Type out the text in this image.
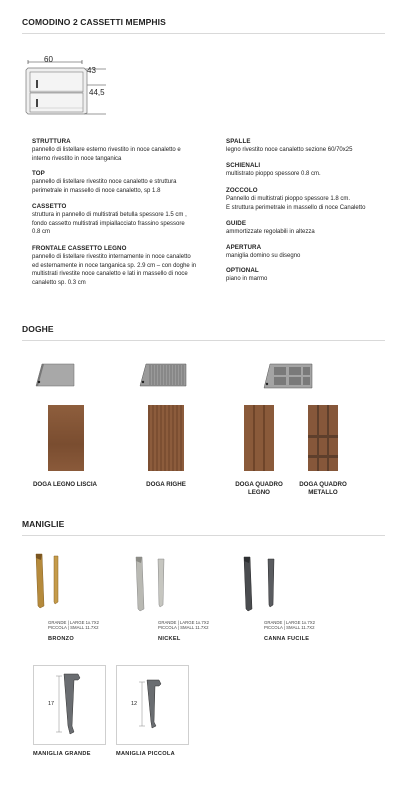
COMODINO 2 CASSETTI MEMPHIS
60
43
44,5
STRUTTURA
pannello di listellare esterno rivestito in noce canaletto e
interno rivestito in noce tanganica
TOP
pannello di listellare rivestito noce canaletto e struttura
perimetrale in massello di noce canaletto, sp 1.8
CASSETTO
struttura in pannello di multistrati betulla spessore 1.5 cm ,
fondo cassetto multistrati impiallacciato frassino spessore
0.8 cm
FRONTALE CASSETTO LEGNO
pannello di listellare rivestito internamente in noce canaletto
ed esternamente in noce tanganica sp. 2.9 cm – con doghe in
multistrati rivestite noce canaletto e lati in massello di noce
canaletto sp. 0.3 cm
SPALLE
legno rivestito noce canaletto sezione 60/70x25
SCHIENALI
multistrato pioppo spessore 0.8 cm.
ZOCCOLO
Pannello di multistrati pioppo spessore 1.8 cm.
E struttura perimetrale in massello di noce Canaletto
GUIDE
ammortizzate regolabili in altezza
APERTURA
maniglia domino su disegno
OPTIONAL
piano in marmo
DOGHE
DOGA LEGNO LISCIA	DOGA RIGHE	DOGA QUADRO
LEGNO
DOGA QUADRO
METALLO
MANIGLIE
GRANDE | LARGE 1x.7X2
PICCOLA | SMALL 11.7X2
GRANDE | LARGE 1x.7X2
PICCOLA | SMALL 11.7X2
GRANDE | LARGE 1x.7X2
PICCOLA | SMALL 11.7X2
BRONZO	NICKEL	CANNA FUCILE
17	12
MANIGLIA GRANDE	MANIGLIA PICCOLA
